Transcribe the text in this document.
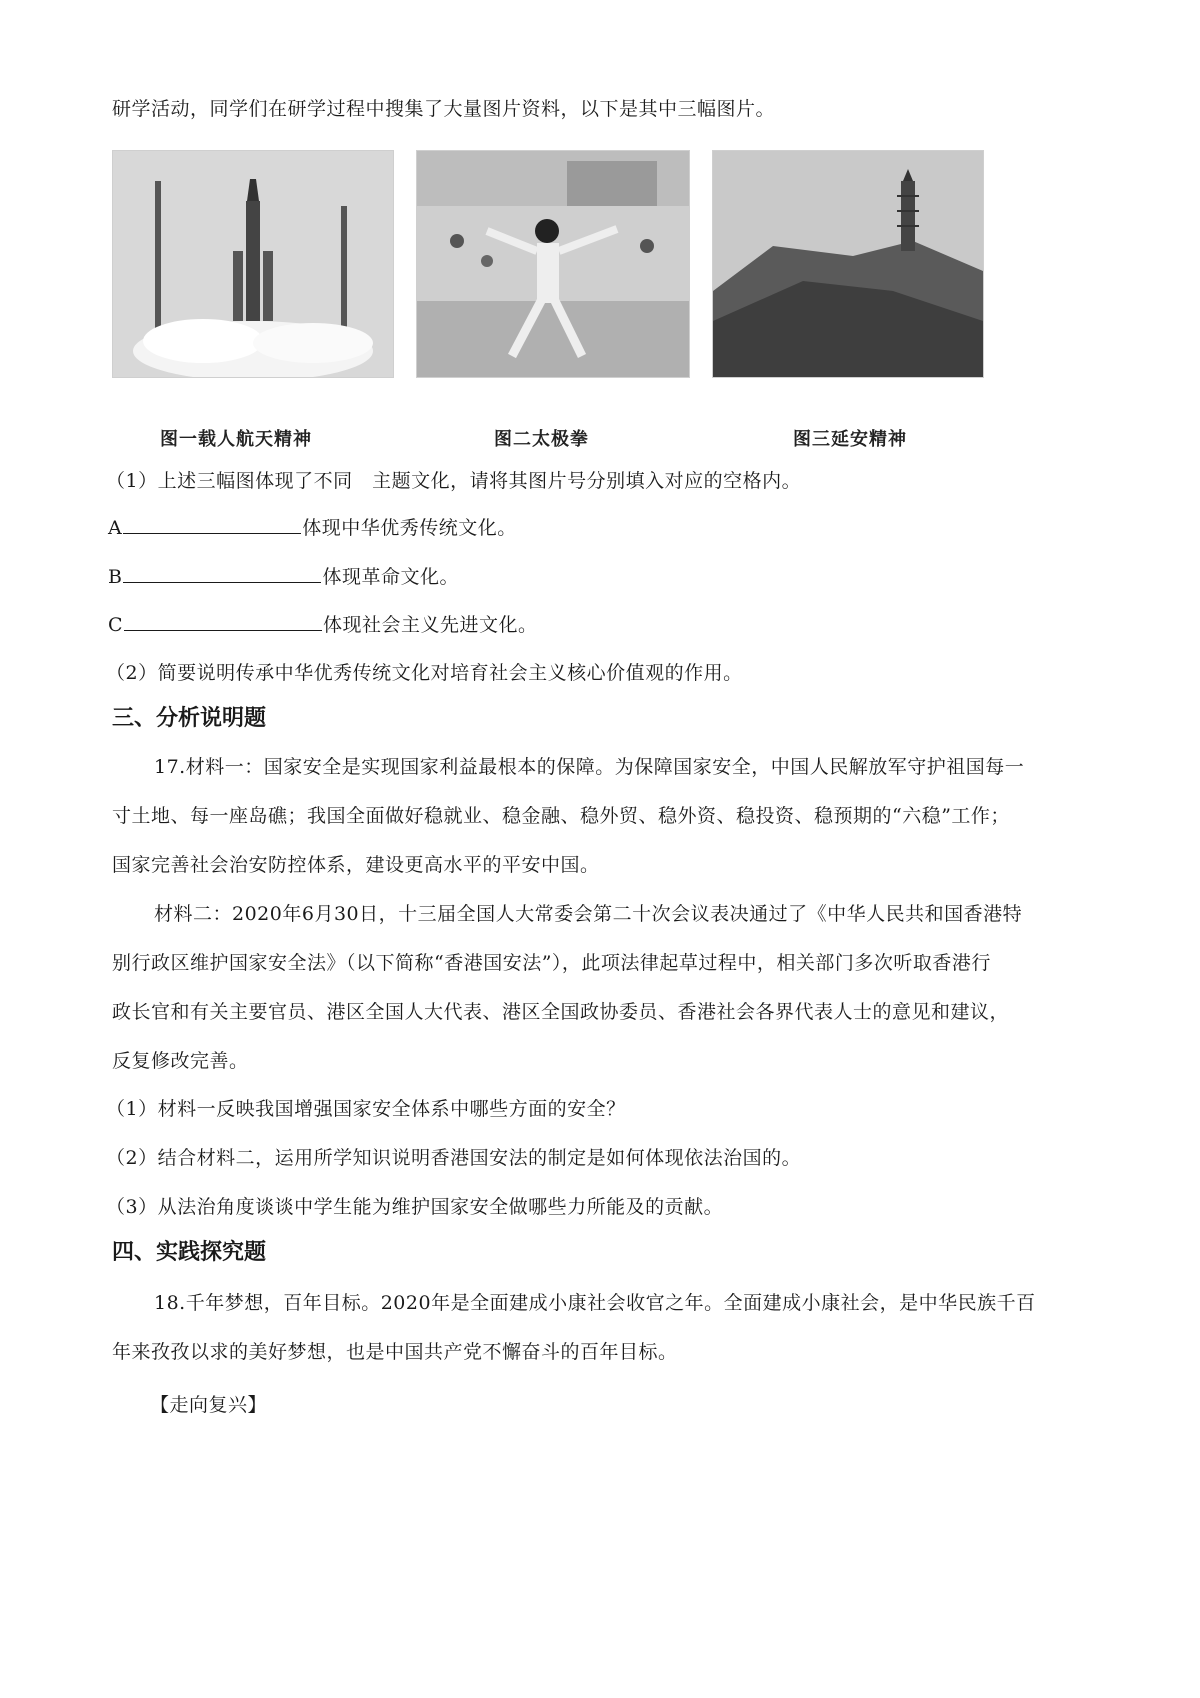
研学活动，同学们在研学过程中搜集了大量图片资料，以下是其中三幅图片。
图一载人航天精神	图二太极拳	图三延安精神
（1）上述三幅图体现了不同　主题文化，请将其图片号分别填入对应的空格内。
A	体现中华优秀传统文化。
B	体现革命文化。
C	体现社会主义先进文化。
（2）简要说明传承中华优秀传统文化对培育社会主义核心价值观的作用。
三、分析说明题
17.材料一：国家安全是实现国家利益最根本的保障。为保障国家安全，中国人民解放军守护祖国每一
寸土地、每一座岛礁；我国全面做好稳就业、稳金融、稳外贸、稳外资、稳投资、稳预期的“六稳”工作；
国家完善社会治安防控体系，建设更高水平的平安中国。
材料二：2020年6月30日，十三届全国人大常委会第二十次会议表决通过了《中华人民共和国香港特
别行政区维护国家安全法》（以下简称“香港国安法”），此项法律起草过程中，相关部门多次听取香港行
政长官和有关主要官员、港区全国人大代表、港区全国政协委员、香港社会各界代表人士的意见和建议，
反复修改完善。
（1）材料一反映我国增强国家安全体系中哪些方面的安全？
（2）结合材料二，运用所学知识说明香港国安法的制定是如何体现依法治国的。
（3）从法治角度谈谈中学生能为维护国家安全做哪些力所能及的贡献。
四、实践探究题
18.千年梦想，百年目标。2020年是全面建成小康社会收官之年。全面建成小康社会，是中华民族千百
年来孜孜以求的美好梦想，也是中国共产党不懈奋斗的百年目标。
【走向复兴】
